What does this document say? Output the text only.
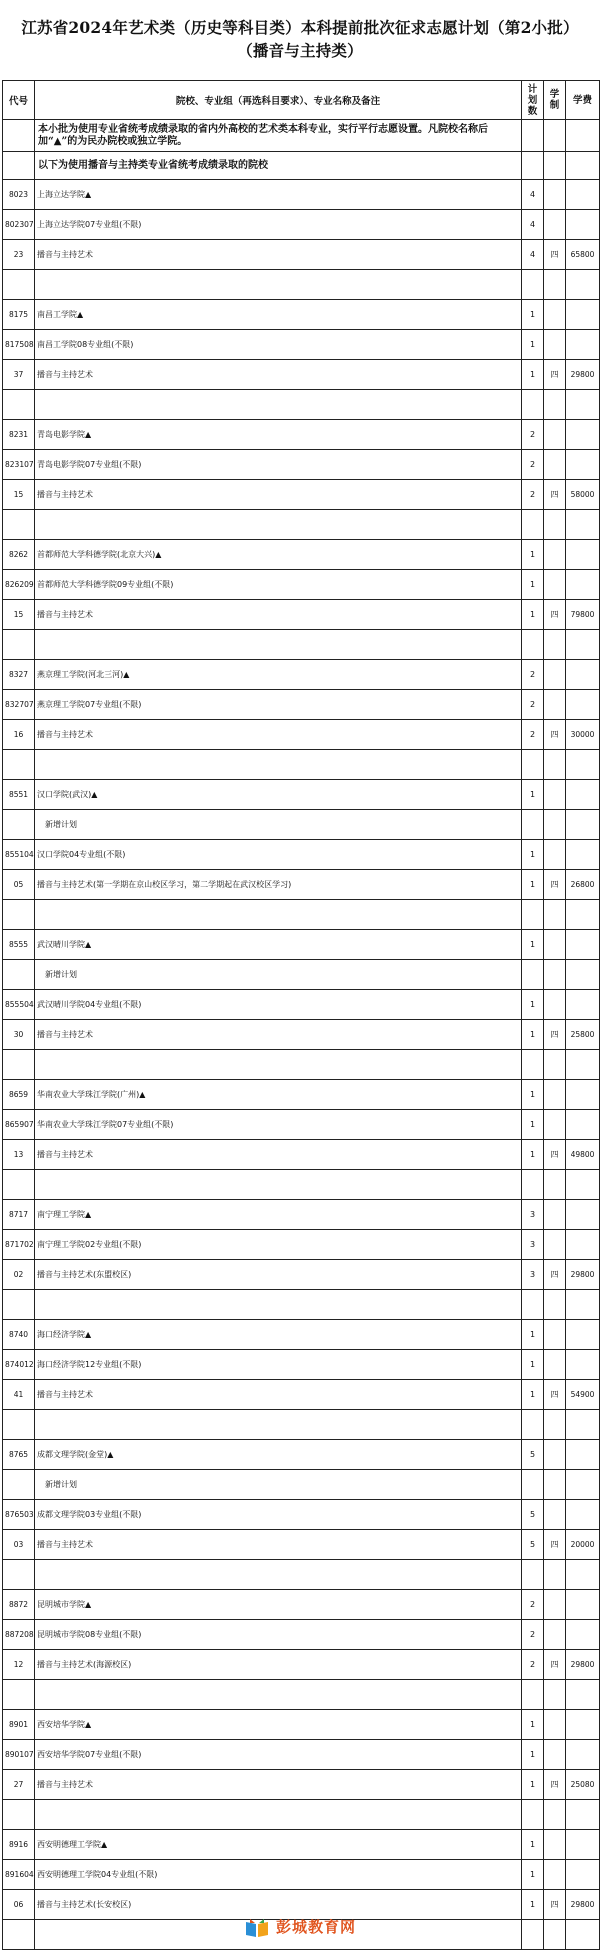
江苏省2024年艺术类（历史等科目类）本科提前批次征求志愿计划（第2小批）
（播音与主持类）
代号	院校、专业组（再选科目要求）、专业名称及备注	计划数	学制	学费
	本小批为使用专业省统考成绩录取的省内外高校的艺术类本科专业，实行平行志愿设置。凡院校名称后加“▲”的为民办院校或独立学院。			
	以下为使用播音与主持类专业省统考成绩录取的院校			
8023	上海立达学院▲	4		
802307	上海立达学院07专业组(不限)	4		
23	播音与主持艺术	4	四	65800

8175	南昌工学院▲	1		
817508	南昌工学院08专业组(不限)	1		
37	播音与主持艺术	1	四	29800

8231	青岛电影学院▲	2		
823107	青岛电影学院07专业组(不限)	2		
15	播音与主持艺术	2	四	58000

8262	首都师范大学科德学院(北京大兴)▲	1		
826209	首都师范大学科德学院09专业组(不限)	1		
15	播音与主持艺术	1	四	79800

8327	燕京理工学院(河北三河)▲	2		
832707	燕京理工学院07专业组(不限)	2		
16	播音与主持艺术	2	四	30000

8551	汉口学院(武汉)▲	1		
	新增计划			
855104	汉口学院04专业组(不限)	1		
05	播音与主持艺术(第一学期在京山校区学习，第二学期起在武汉校区学习)	1	四	26800

8555	武汉晴川学院▲	1		
	新增计划			
855504	武汉晴川学院04专业组(不限)	1		
30	播音与主持艺术	1	四	25800

8659	华南农业大学珠江学院(广州)▲	1		
865907	华南农业大学珠江学院07专业组(不限)	1		
13	播音与主持艺术	1	四	49800

8717	南宁理工学院▲	3		
871702	南宁理工学院02专业组(不限)	3		
02	播音与主持艺术(东盟校区)	3	四	29800

8740	海口经济学院▲	1		
874012	海口经济学院12专业组(不限)	1		
41	播音与主持艺术	1	四	54900

8765	成都文理学院(金堂)▲	5		
	新增计划			
876503	成都文理学院03专业组(不限)	5		
03	播音与主持艺术	5	四	20000

8872	昆明城市学院▲	2		
887208	昆明城市学院08专业组(不限)	2		
12	播音与主持艺术(海源校区)	2	四	29800

8901	西安培华学院▲	1		
890107	西安培华学院07专业组(不限)	1		
27	播音与主持艺术	1	四	25080

8916	西安明德理工学院▲	1		
891604	西安明德理工学院04专业组(不限)	1		
06	播音与主持艺术(长安校区)	1	四	29800

彭城教育网
